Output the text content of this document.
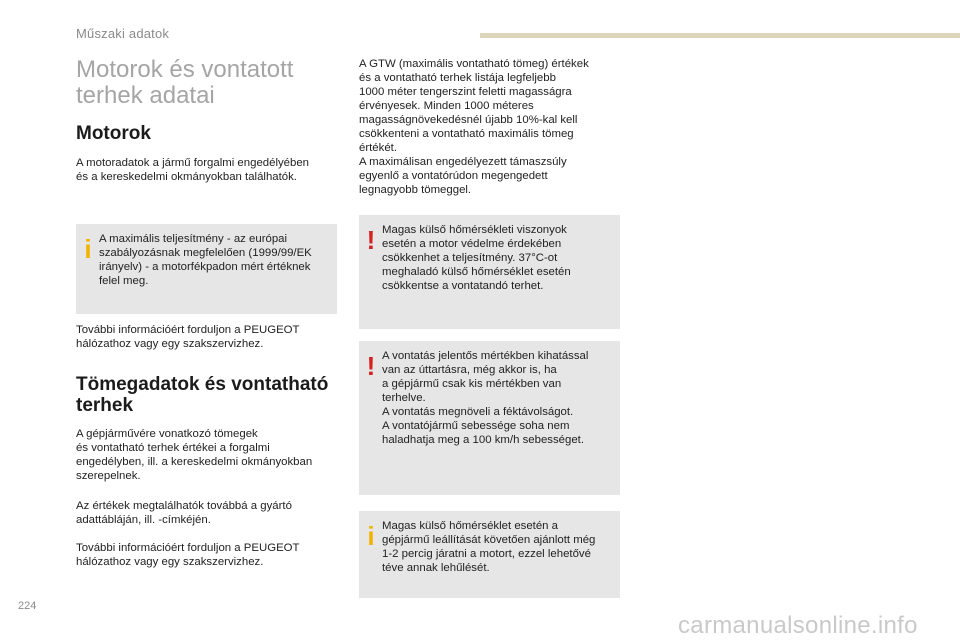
Műszaki adatok
Motorok és vontatott
terhek adatai
Motorok

A motoradatok a jármű forgalmi engedélyében
és a kereskedelmi okmányokban találhatók.

i A maximális teljesítmény - az európai
szabályozásnak megfelelően (1999/99/EK
irányelv) - a motorfékpadon mért értéknek
felel meg.

További információért forduljon a PEUGEOT
hálózathoz vagy egy szakszervizhez.

Tömegadatok és vontatható
terhek

A gépjárművére vonatkozó tömegek
és vontatható terhek értékei a forgalmi
engedélyben, ill. a kereskedelmi okmányokban
szerepelnek.

Az értékek megtalálhatók továbbá a gyártó
adattábláján, ill. -címkéjén.

További információért forduljon a PEUGEOT
hálózathoz vagy egy szakszervizhez.

A GTW (maximális vontatható tömeg) értékek
és a vontatható terhek listája legfeljebb
1000 méter tengerszint feletti magasságra
érvényesek. Minden 1000 méteres
magasságnövekedésnél újabb 10%-kal kell
csökkenteni a vontatható maximális tömeg
értékét.
A maximálisan engedélyezett támaszsúly
egyenlő a vontatórúdon megengedett
legnagyobb tömeggel.

! Magas külső hőmérsékleti viszonyok
esetén a motor védelme érdekében
csökkenhet a teljesítmény. 37°C-ot
meghaladó külső hőmérséklet esetén
csökkentse a vontatandó terhet.
! A vontatás jelentős mértékben kihatással
van az úttartásra, még akkor is, ha
a gépjármű csak kis mértékben van
terhelve.
A vontatás megnöveli a féktávolságot.
A vontatójármű sebessége soha nem
haladhatja meg a 100 km/h sebességet.
i Magas külső hőmérséklet esetén a
gépjármű leállítását követően ajánlott még
1-2 percig járatni a motort, ezzel lehetővé
téve annak lehűlését.
224
carmanualsonline.info
